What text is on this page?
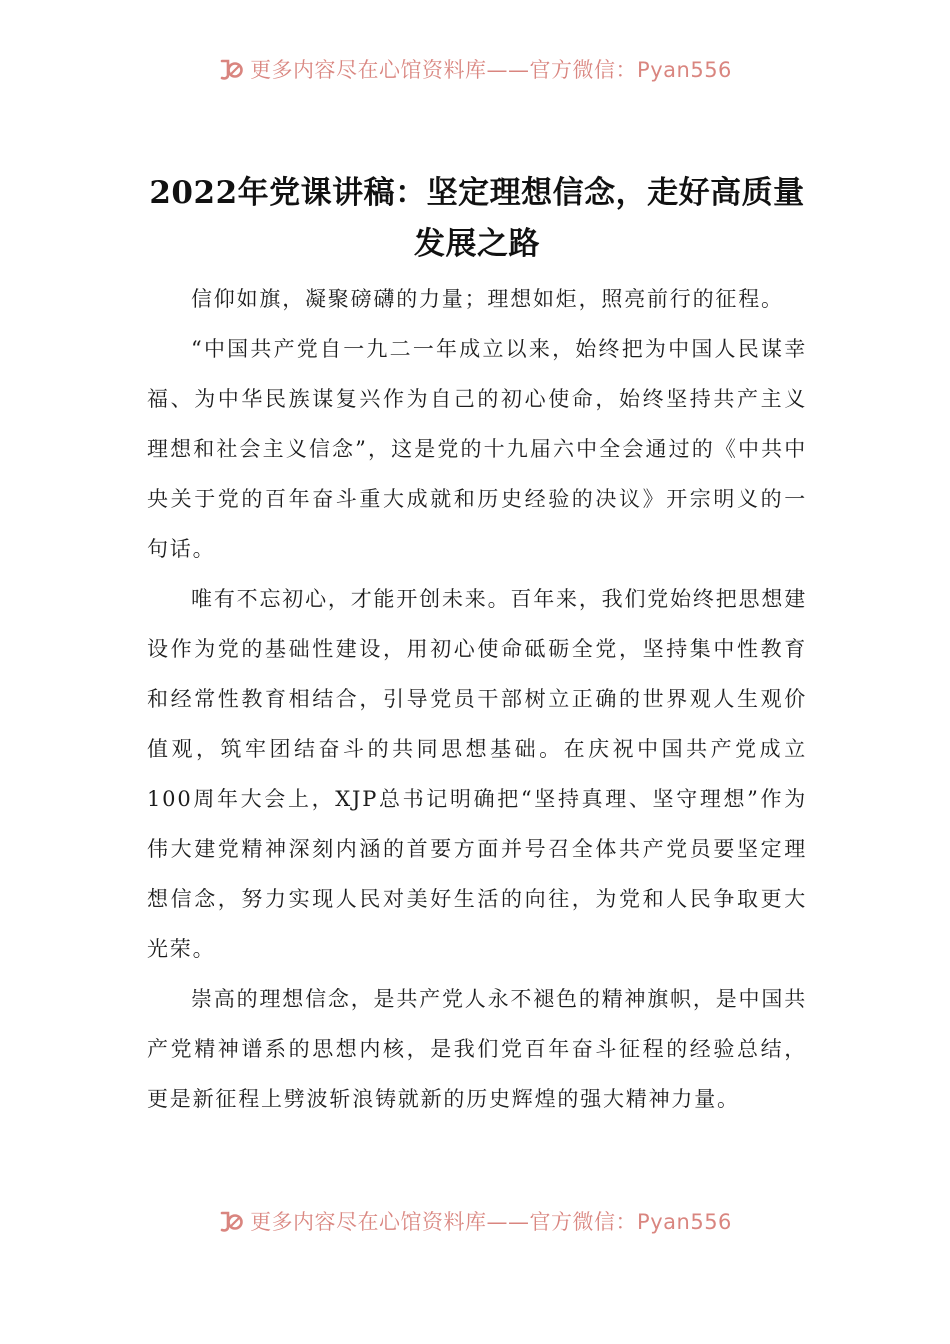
更多内容尽在心馆资料库——官方微信：Pyan556
2022年党课讲稿：坚定理想信念，走好高质量发展之路

信仰如旗，凝聚磅礴的力量；理想如炬，照亮前行的征程。

“中国共产党自一九二一年成立以来，始终把为中国人民谋幸福、为中华民族谋复兴作为自己的初心使命，始终坚持共产主义理想和社会主义信念”，这是党的十九届六中全会通过的《中共中央关于党的百年奋斗重大成就和历史经验的决议》开宗明义的一句话。

唯有不忘初心，才能开创未来。百年来，我们党始终把思想建设作为党的基础性建设，用初心使命砥砺全党，坚持集中性教育和经常性教育相结合，引导党员干部树立正确的世界观人生观价值观，筑牢团结奋斗的共同思想基础。在庆祝中国共产党成立100周年大会上，XJP总书记明确把“坚持真理、坚守理想”作为伟大建党精神深刻内涵的首要方面并号召全体共产党员要坚定理想信念，努力实现人民对美好生活的向往，为党和人民争取更大光荣。

崇高的理想信念，是共产党人永不褪色的精神旗帜，是中国共产党精神谱系的思想内核，是我们党百年奋斗征程的经验总结，更是新征程上劈波斩浪铸就新的历史辉煌的强大精神力量。

更多内容尽在心馆资料库——官方微信：Pyan556
